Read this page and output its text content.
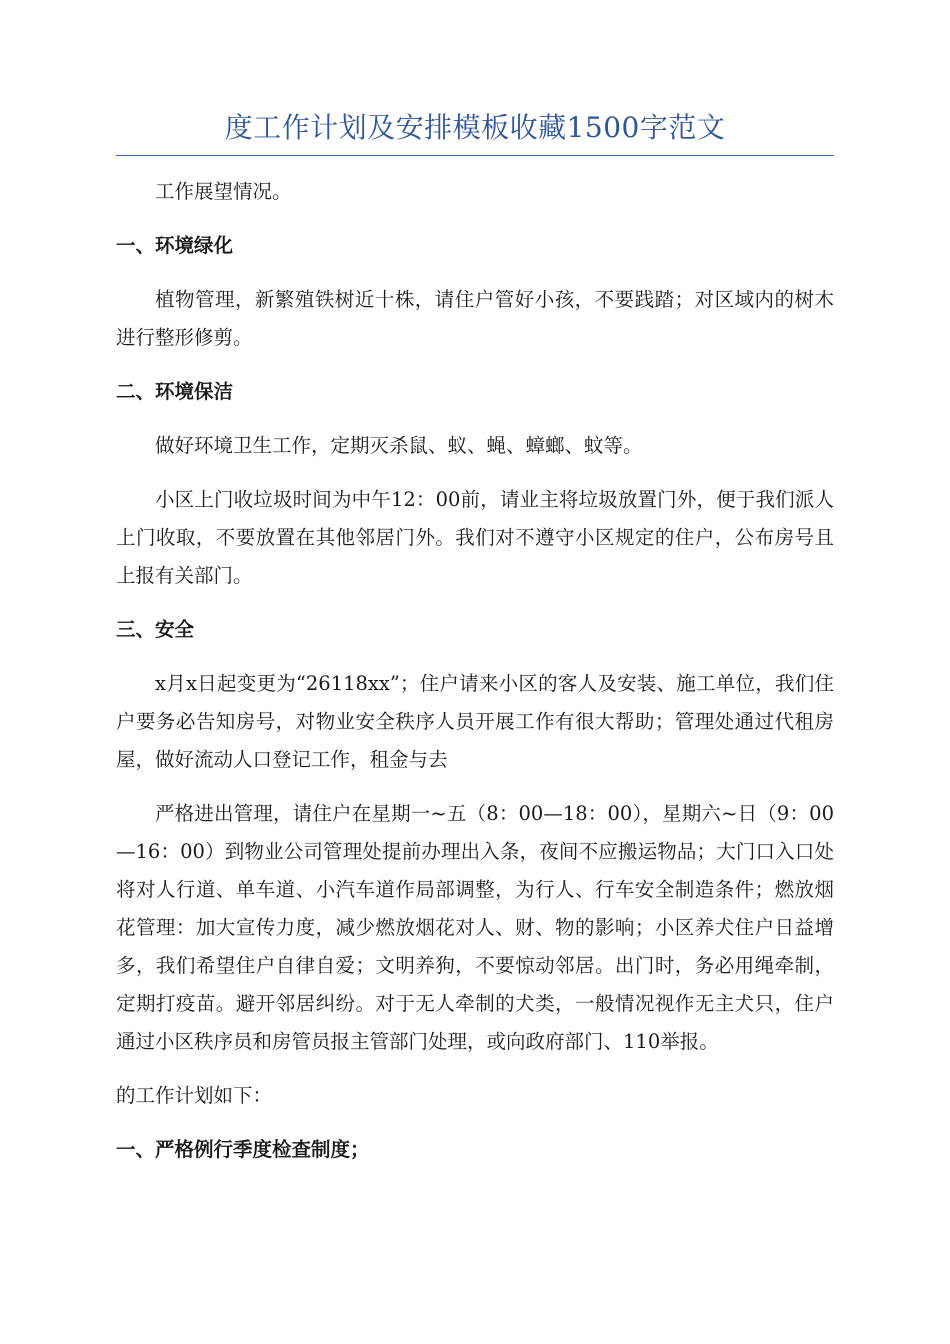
度工作计划及安排模板收藏1500字范文

工作展望情况。

一、环境绿化

植物管理，新繁殖铁树近十株，请住户管好小孩，不要践踏；对区域内的树木进行整形修剪。

二、环境保洁

做好环境卫生工作，定期灭杀鼠、蚁、蝇、蟑螂、蚊等。

小区上门收垃圾时间为中午12：00前，请业主将垃圾放置门外，便于我们派人上门收取，不要放置在其他邻居门外。我们对不遵守小区规定的住户，公布房号且上报有关部门。

三、安全

x月x日起变更为“26118xx”；住户请来小区的客人及安装、施工单位，我们住户要务必告知房号，对物业安全秩序人员开展工作有很大帮助；管理处通过代租房屋，做好流动人口登记工作，租金与去

严格进出管理，请住户在星期一~五（8：00—18：00），星期六~日（9：00—16：00）到物业公司管理处提前办理出入条，夜间不应搬运物品；大门口入口处将对人行道、单车道、小汽车道作局部调整，为行人、行车安全制造条件；燃放烟花管理：加大宣传力度，减少燃放烟花对人、财、物的影响；小区养犬住户日益增多，我们希望住户自律自爱；文明养狗，不要惊动邻居。出门时，务必用绳牵制，定期打疫苗。避开邻居纠纷。对于无人牵制的犬类，一般情况视作无主犬只，住户通过小区秩序员和房管员报主管部门处理，或向政府部门、110举报。

的工作计划如下：

一、严格例行季度检查制度；
